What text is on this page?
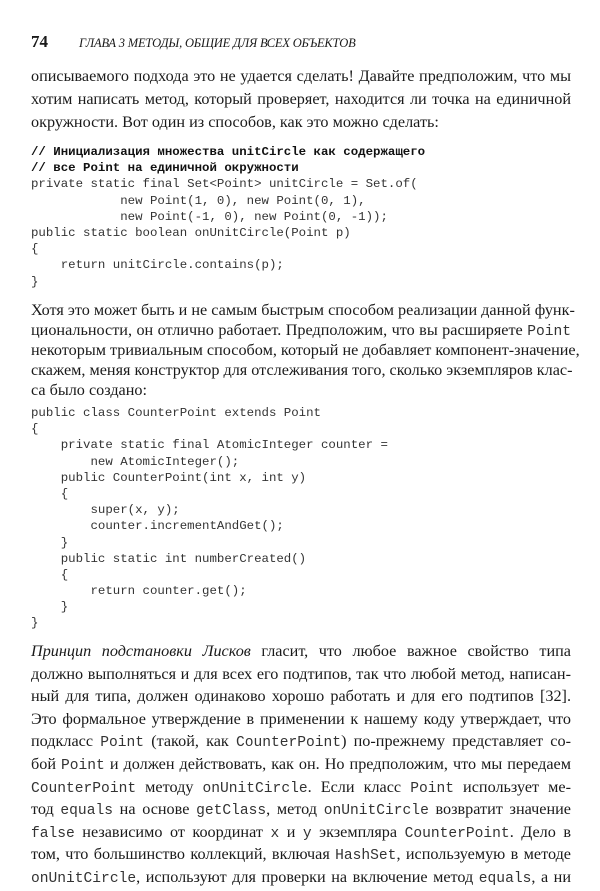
74 ГЛАВА 3 МЕТОДЫ, ОБЩИЕ ДЛЯ ВСЕХ ОБЪЕКТОВ
описываемого подхода это не удается сделать! Давайте предположим, что мы
хотим написать метод, который проверяет, находится ли точка на единичной
окружности. Вот один из способов, как это можно сделать:
// Инициализация множества unitCircle как содержащего
// все Point на единичной окружности
private static final Set<Point> unitCircle = Set.of(
new Point(1, 0), new Point(0, 1),
new Point(-1, 0), new Point(0, -1));
public static boolean onUnitCircle(Point p)
{
return unitCircle.contains(p);
}
Хотя это может быть и не самым быстрым способом реализации данной функ-
циональности, он отлично работает. Предположим, что вы расширяете Point
некоторым тривиальным способом, который не добавляет компонент-значение,
скажем, меняя конструктор для отслеживания того, сколько экземпляров клас-
са было создано:
public class CounterPoint extends Point
{
private static final AtomicInteger counter =
new AtomicInteger();
public CounterPoint(int x, int y)
{
super(x, y);
counter.incrementAndGet();
}
public static int numberCreated()
{
return counter.get();
}
}
Принцип подстановки Лисков гласит, что любое важное свойство типа
должно выполняться и для всех его подтипов, так что любой метод, написан-
ный для типа, должен одинаково хорошо работать и для его подтипов [32].
Это формальное утверждение в применении к нашему коду утверждает, что
подкласс Point (такой, как CounterPoint) по-прежнему представляет со-
бой Point и должен действовать, как он. Но предположим, что мы передаем
CounterPoint методу onUnitCircle. Если класс Point использует ме-
тод equals на основе getClass, метод onUnitCircle возвратит значение
false независимо от координат x и y экземпляра CounterPoint. Дело в
том, что большинство коллекций, включая HashSet, используемую в методе
onUnitCircle, используют для проверки на включение метод equals, а ни
